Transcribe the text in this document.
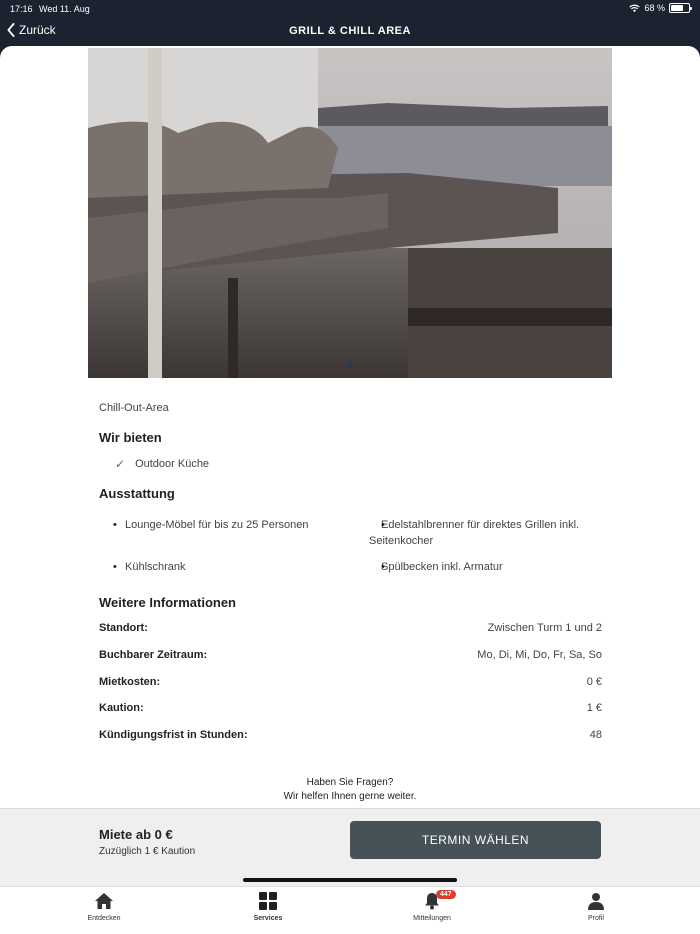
17:16 Wed 11. Aug	68 %
Zurück	GRILL & CHILL AREA
Chill-Out-Area
Wir bieten
✓ Outdoor Küche
Ausstattung
• Lounge-Möbel für bis zu 25 Personen	• Edelstahlbrenner für direktes Grillen inkl. Seitenkocher
• Kühlschrank	• Spülbecken inkl. Armatur
Weitere Informationen
Standort:	Zwischen Turm 1 und 2
Buchbarer Zeitraum:	Mo, Di, Mi, Do, Fr, Sa, So
Mietkosten:	0 €
Kaution:	1 €
Kündigungsfrist in Stunden:	48
Haben Sie Fragen?
Wir helfen Ihnen gerne weiter.
Miete ab 0 €
Zuzüglich 1 € Kaution
TERMIN WÄHLEN
Entdecken	Services
447
Mitteilungen	Profil
